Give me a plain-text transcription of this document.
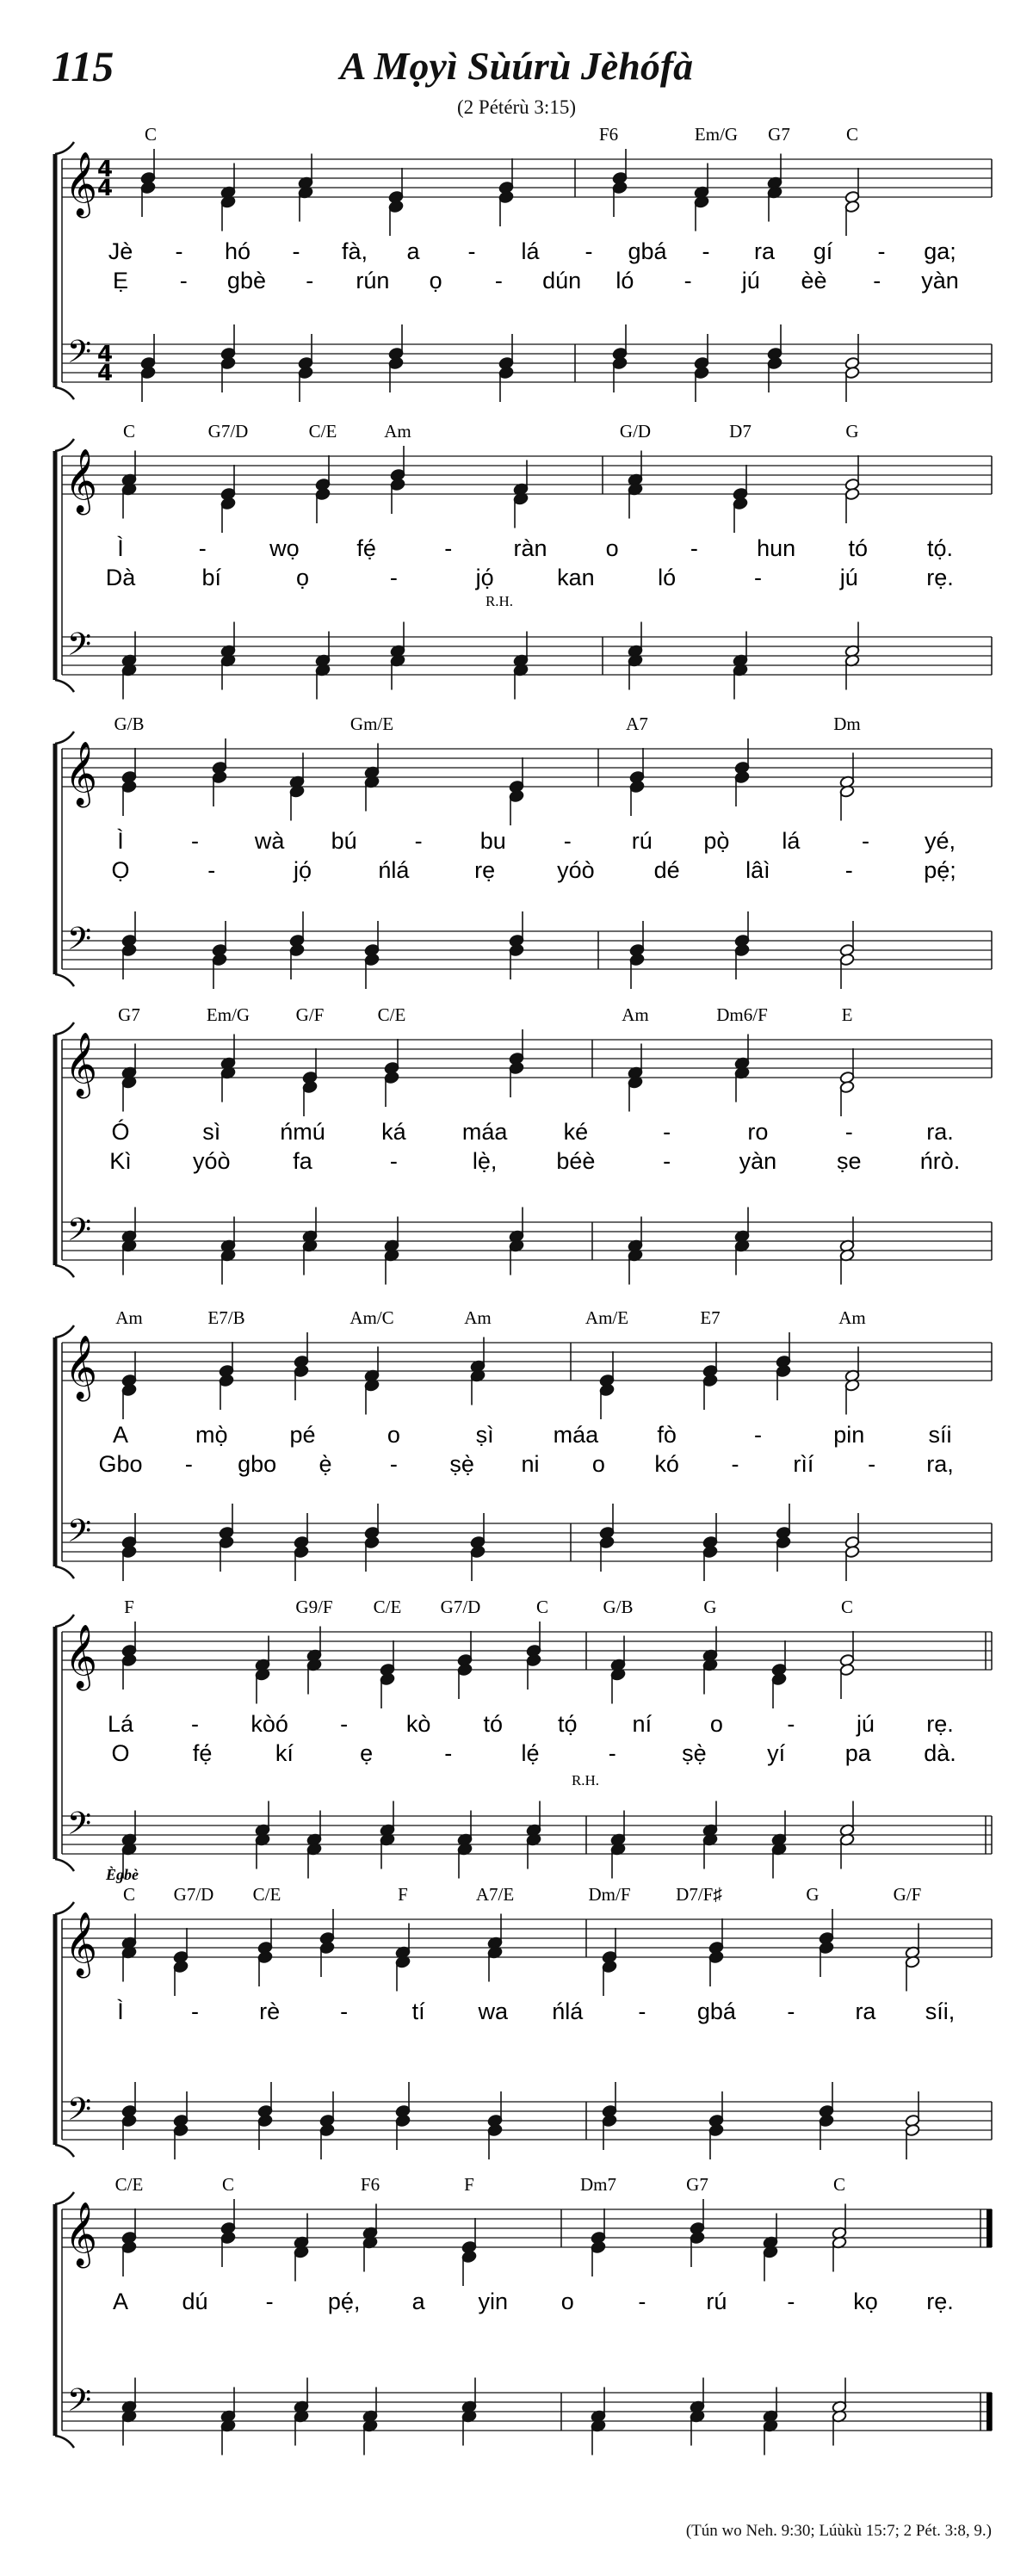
115	A Mọyì Sùúrù Jèhófà
(2 Pétérù 3:15)
𝄞
𝄢
4
4
4
4
C	F6	Em/G G7	C
Jè - hó - fà, a - lá - gbá - ra gí - ga;
Ẹ - gbè - rún ọ - dún ló - jú èè - yàn
𝄞
𝄢
C	G7/D	C/E	Am	G/D	D7	G
Ì	-	wọ fẹ́	-	ràn	o	-	hun tó	tọ́.
Dà	bí	ọ	-	jọ́	kan	ló	-	jú	rẹ.
R.H.
𝄞
𝄢
G/B	Gm/E	A7	Dm
Ì	- wà bú - bu -	rú pọ̀ lá	- yé,
Ọ	-	jọ́	ńlá	rẹ	yóò	dé	lâì	-	pẹ́;
𝄞
𝄢
G7	Em/G	G/F	C/E	Am	Dm6/F	E
Ó	sì	ńmú ká máa ké	-	ro	-	ra.
Kì	yóò	fa	-	lẹ̀,	béè	-	yàn	ṣe	ńrò.
𝄞
𝄢
Am	E7/B	Am/C	Am	Am/E	E7	Am
A	mọ̀	pé	o	ṣì	máa	fò	-	pin	síi
Gbo - gbo ẹ̀ - ṣẹ̀ ni o kó - rìí - ra,
𝄞
𝄢
F	G9/F C/E G7/D	C	G/B	G	C
Lá - kòó -	kò tó tọ́ ní	o	-	jú rẹ.
O	fẹ́	kí	ẹ	-	lẹ́	-	ṣẹ̀	yí	pa dà.
R.H.
𝄞
𝄢
C G7/D C/E	F	A7/E	Dm/F	D7/F♯	G	G/F
Ì	-	rè	-	tí wa ńlá - gbá -	ra síi,
Ègbè
𝄞
𝄢
C/E	C	F6	F	Dm7	G7	C
A dú - pẹ́, a yin o	-	rú	-	kọ rẹ.
(Tún wo Neh. 9:30; Lúùkù 15:7; 2 Pét. 3:8, 9.)
